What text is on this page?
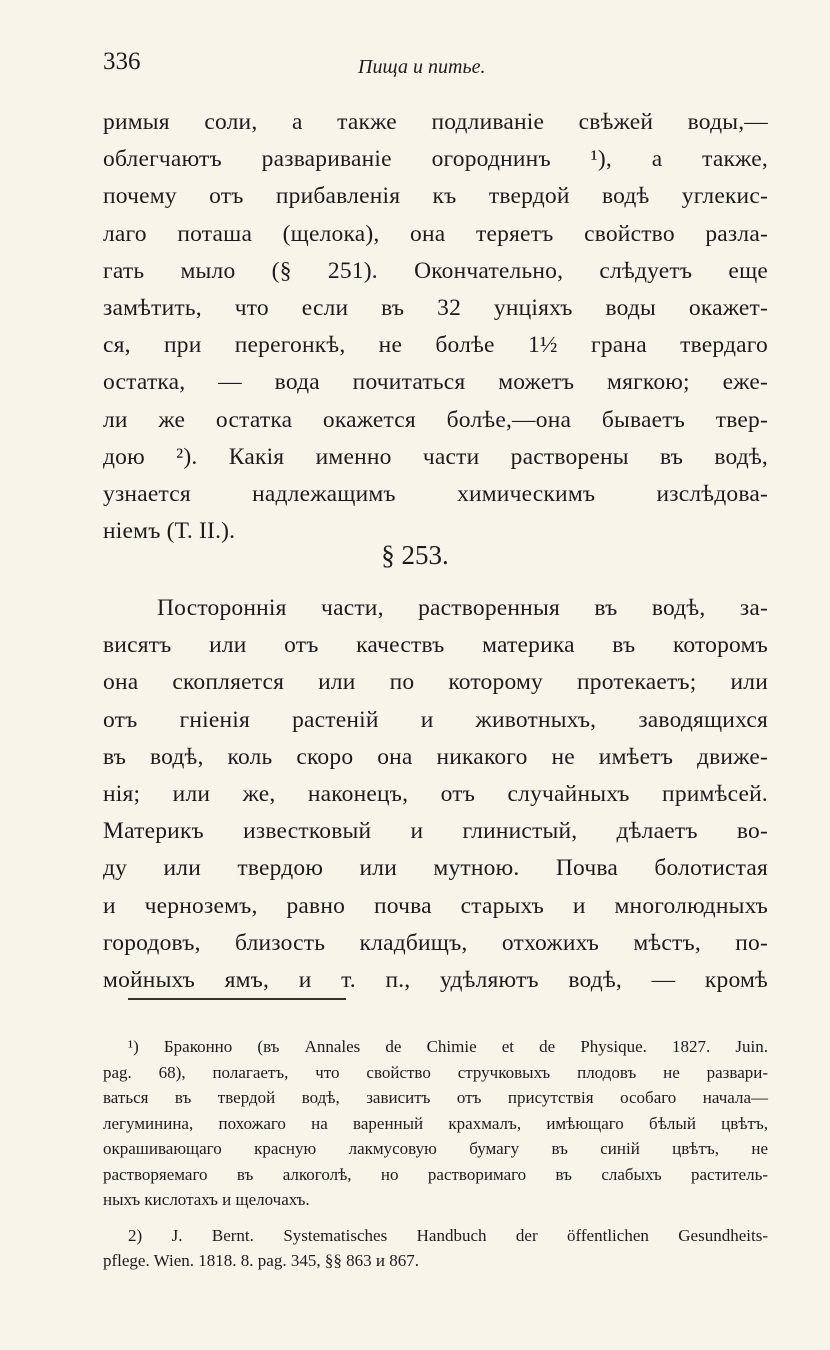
336	Пища и питье.
римыя соли, а также подливаніе свѣжей воды,—
облегчаютъ развариваніе огороднинъ ¹), а также,
почему отъ прибавленія къ твердой водѣ углекис-
лаго поташа (щелока), она теряетъ свойство разла-
гать мыло (§ 251). Окончательно, слѣдуетъ еще
замѣтить, что если въ 32 унціяхъ воды окажет-
ся, при перегонкѣ, не болѣе 1½ грана твердаго
остатка, — вода почитаться можетъ мягкою; еже-
ли же остатка окажется болѣе,—она бываетъ твер-
дою ²). Какія именно части растворены въ водѣ,
узнается надлежащимъ химическимъ изслѣдова-
ніемъ (Т. II.).
§ 253.
Постороннія части, растворенныя въ водѣ, за-
висятъ или отъ качествъ материка въ которомъ
она скопляется или по которому протекаетъ; или
отъ гніенія растеній и животныхъ, заводящихся
въ водѣ, коль скоро она никакого не имѣетъ движе-
нія; или же, наконецъ, отъ случайныхъ примѣсей.
Материкъ известковый и глинистый, дѣлаетъ во-
ду или твердою или мутною. Почва болотистая
и черноземъ, равно почва старыхъ и многолюдныхъ
городовъ, близость кладбищъ, отхожихъ мѣстъ, по-
мойныхъ ямъ, и т. п., удѣляютъ водѣ, — кромѣ
¹) Браконно (въ Annales de Chimie et de Physique. 1827. Juin.
pag. 68), полагаетъ, что свойство стручковыхъ плодовъ не развари-
ваться въ твердой водѣ, зависитъ отъ присутствія особаго начала—
легуминина, похожаго на варенный крахмалъ, имѣющаго бѣлый цвѣтъ,
окрашивающаго красную лакмусовую бумагу въ синій цвѣтъ, не
растворяемаго въ алкоголѣ, но растворимаго въ слабыхъ раститель-
ныхъ кислотахъ и щелочахъ.
2) J. Bernt. Systematisches Handbuch der öffentlichen Gesundheits-
pflege. Wien. 1818. 8. pag. 345, §§ 863 и 867.
